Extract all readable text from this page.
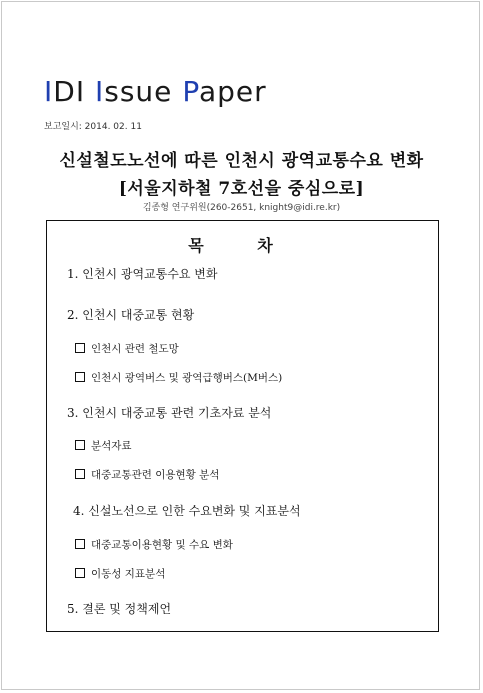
IDI Issue Paper
보고일시: 2014. 02. 11
신설철도노선에 따른 인천시 광역교통수요 변화
[서울지하철 7호선을 중심으로]
김종형 연구위원(260-2651, knight9@idi.re.kr)
목 차
1. 인천시 광역교통수요 변화
2. 인천시 대중교통 현황
인천시 관련 철도망
인천시 광역버스 및 광역급행버스(M버스)
3. 인천시 대중교통 관련 기초자료 분석
분석자료
대중교통관련 이용현황 분석
4. 신설노선으로 인한 수요변화 및 지표분석
대중교통이용현황 및 수요 변화
이동성 지표분석
5. 결론 및 정책제언
